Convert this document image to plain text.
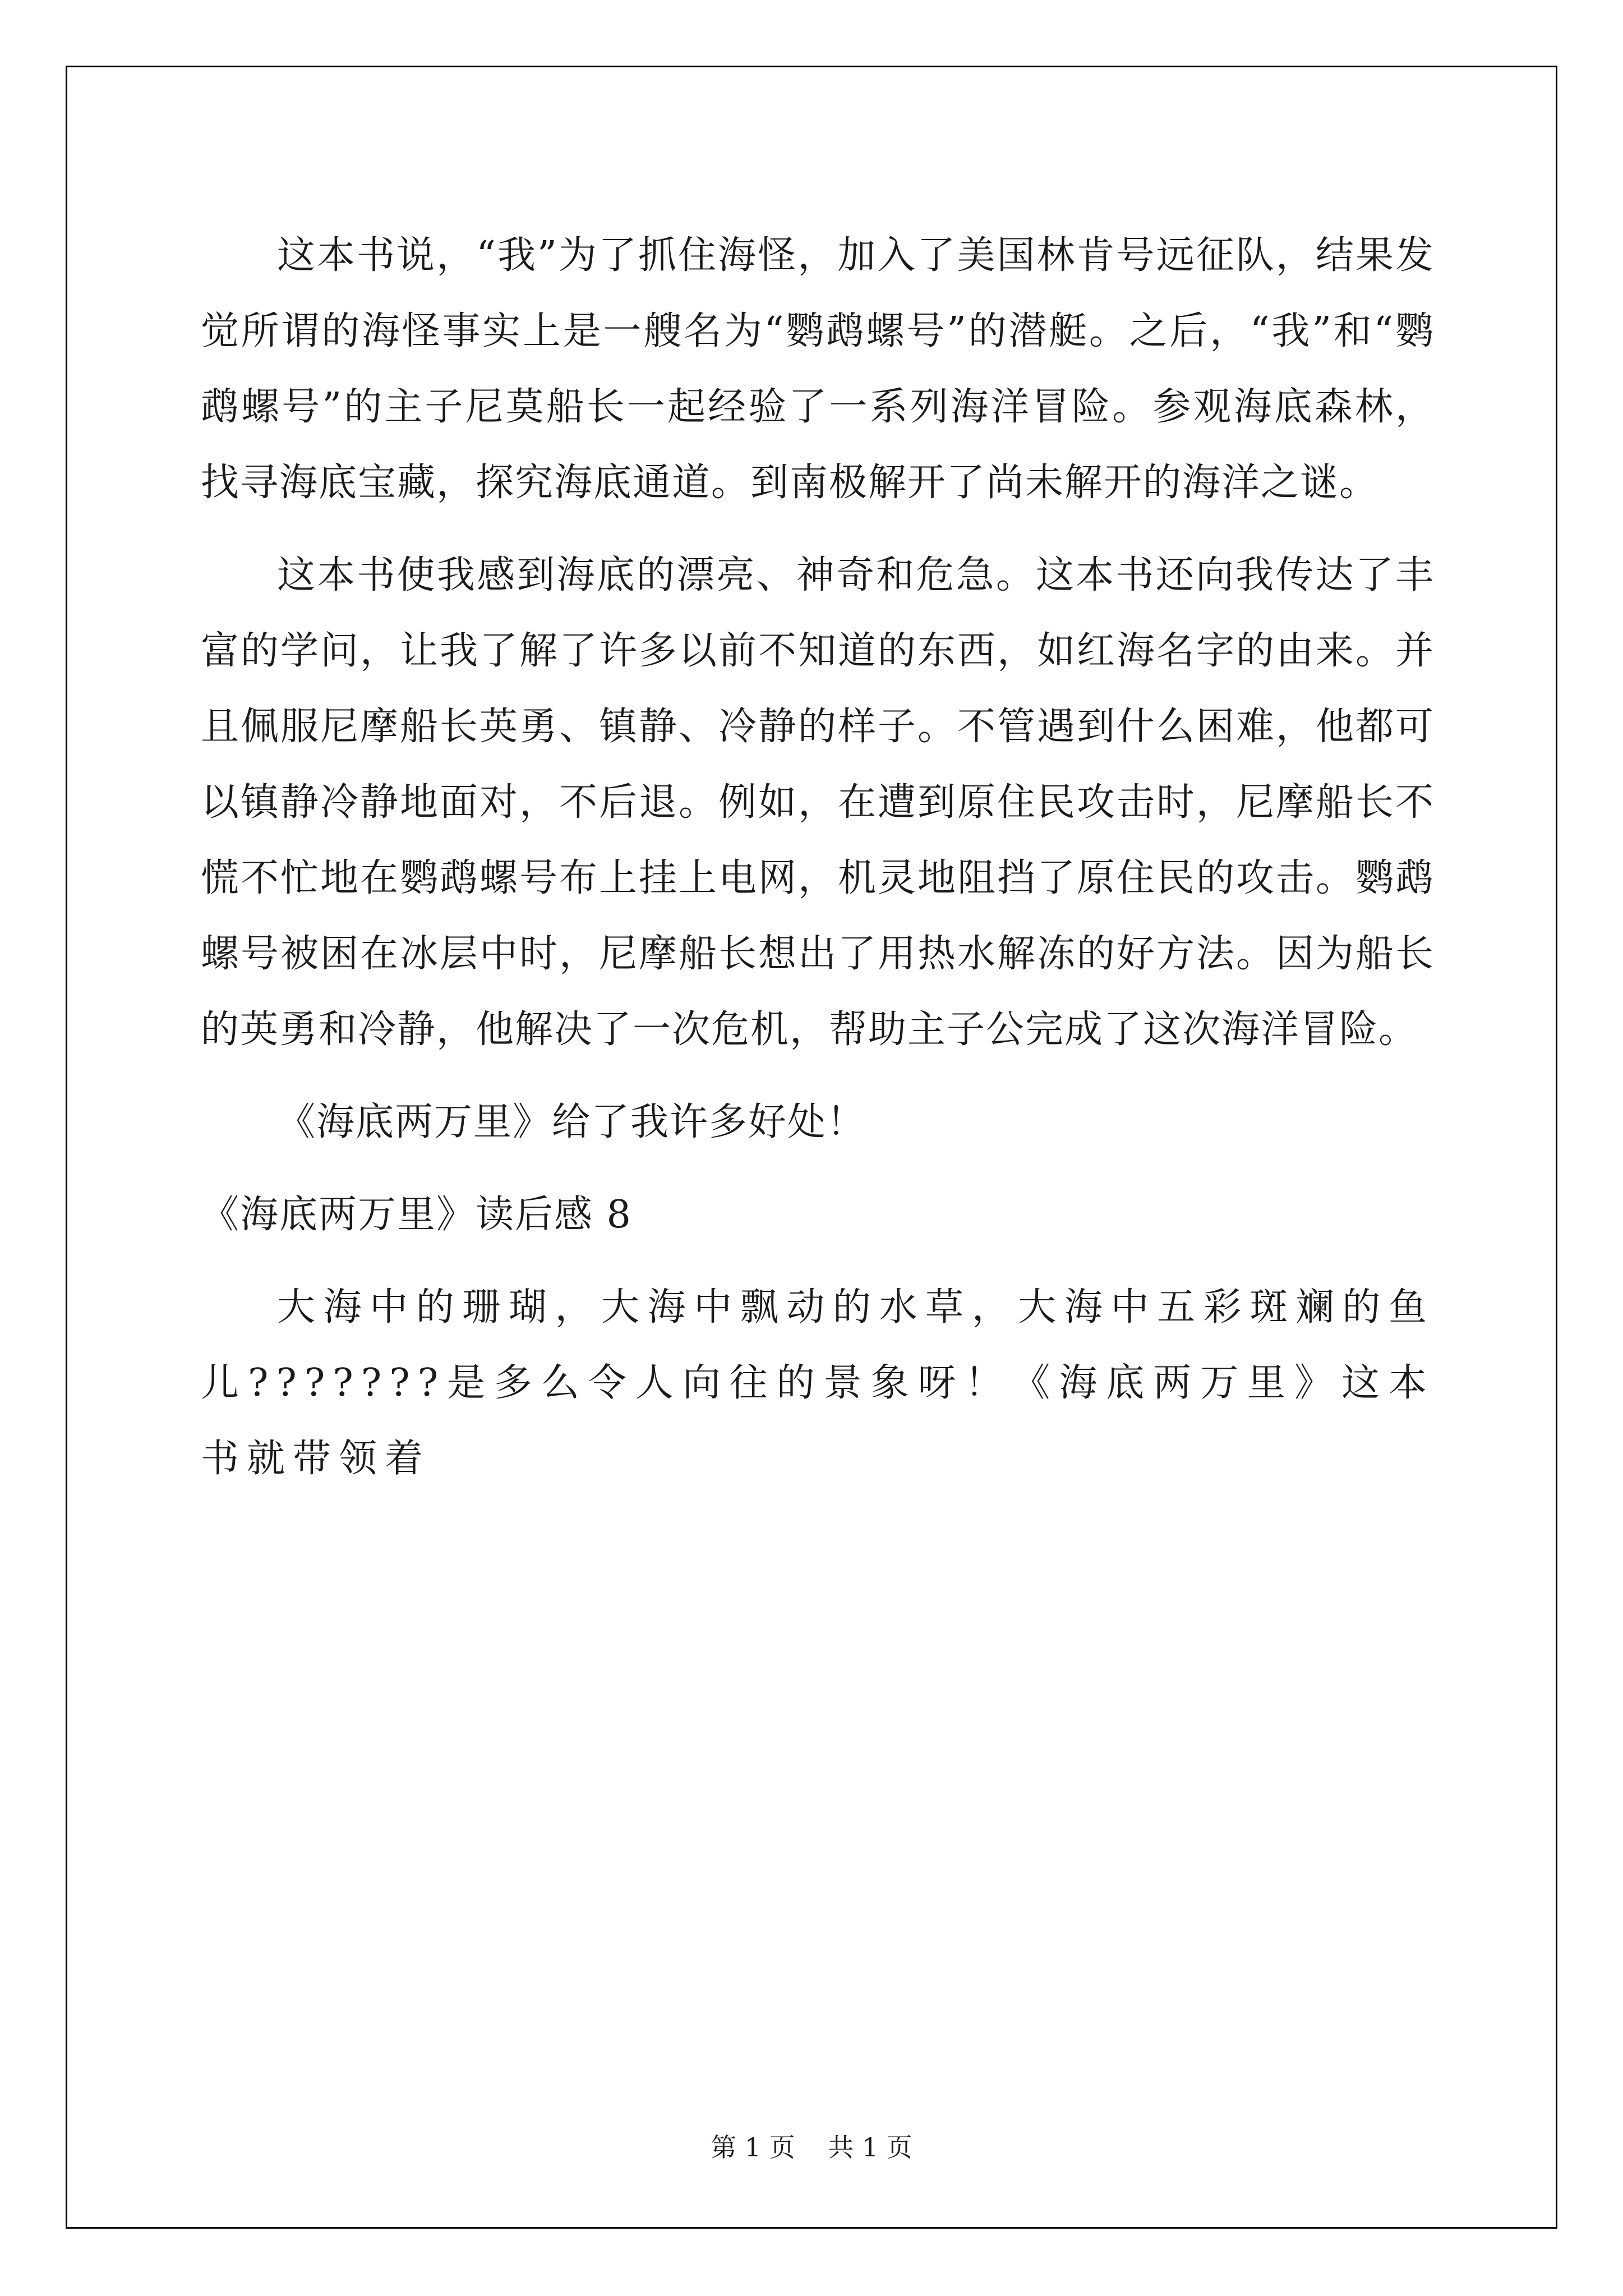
这本书说，“我”为了抓住海怪，加入了美国林肯号远征队，结果发觉所谓的海怪事实上是一艘名为“鹦鹉螺号”的潜艇。之后，“我”和“鹦鹉螺号”的主子尼莫船长一起经验了一系列海洋冒险。参观海底森林，找寻海底宝藏，探究海底通道。到南极解开了尚未解开的海洋之谜。

这本书使我感到海底的漂亮、神奇和危急。这本书还向我传达了丰富的学问，让我了解了许多以前不知道的东西，如红海名字的由来。并且佩服尼摩船长英勇、镇静、冷静的样子。不管遇到什么困难，他都可以镇静冷静地面对，不后退。例如，在遭到原住民攻击时，尼摩船长不慌不忙地在鹦鹉螺号布上挂上电网，机灵地阻挡了原住民的攻击。鹦鹉螺号被困在冰层中时，尼摩船长想出了用热水解冻的好方法。因为船长的英勇和冷静，他解决了一次危机，帮助主子公完成了这次海洋冒险。

《海底两万里》给了我许多好处！

《海底两万里》读后感 8

大海中的珊瑚，大海中飘动的水草，大海中五彩斑斓的鱼儿???????是多么令人向往的景象呀！《海底两万里》这本书就带领着

第 1 页 共 1 页
